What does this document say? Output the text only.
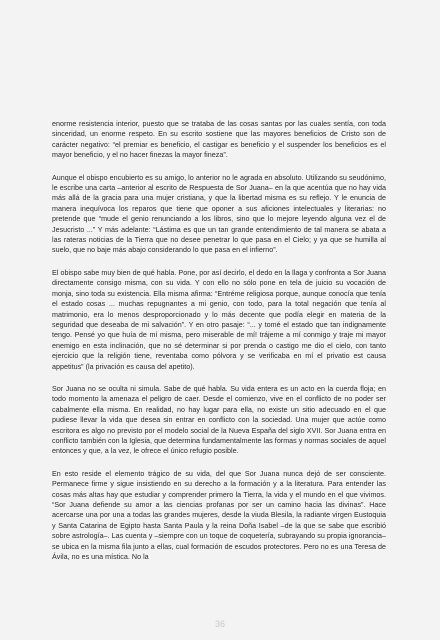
enorme resistencia interior, puesto que se trataba de las cosas santas por las cuales sentía, con toda sinceridad, un enorme respeto. En su escrito sostiene que las mayores beneficios de Cristo son de carácter negativo: “el premiar es beneficio, el castigar es beneficio y el suspender los beneficios es el mayor beneficio, y el no hacer finezas la mayor fineza”.

Aunque el obispo encubierto es su amigo, lo anterior no le agrada en absoluto. Utilizando su seudónimo, le escribe una carta –anterior al escrito de Respuesta de Sor Juana– en la que acentúa que no hay vida más allá de la gracia para una mujer cristiana, y que la libertad misma es su reflejo. Y le enuncia de manera inequívoca los reparos que tiene que oponer a sus aficiones intelectuales y literarias: no pretende que “mude el genio renunciando a los libros, sino que lo mejore leyendo alguna vez el de Jesucristo ...” Y más adelante: “Lástima es que un tan grande entendimiento de tal manera se abata a las rateras noticias de la Tierra que no desee penetrar lo que pasa en el Cielo; y ya que se humilla al suelo, que no baje más abajo considerando lo que pasa en el infierno”.

El obispo sabe muy bien de qué habla. Pone, por así decirlo, el dedo en la llaga y confronta a Sor Juana directamente consigo misma, con su vida. Y con ello no sólo pone en tela de juicio su vocación de monja, sino toda su existencia. Ella misma afirma: “Entréme religiosa porque, aunque conocía que tenía el estado cosas ... muchas repugnantes a mi genio, con todo, para la total negación que tenía al matrimonio, era lo menos desproporcionado y lo más decente que podía elegir en materia de la seguridad que deseaba de mi salvación”. Y en otro pasaje: “... y tomé el estado que tan indignamente tengo. Pensé yo que huía de mí misma, pero miserable de mí! trájeme a mí conmigo y traje mi mayor enemigo en esta inclinación, que no sé determinar si por prenda o castigo me dio el cielo, con tanto ejercicio que la religión tiene, reventaba como pólvora y se verificaba en mí el privatio est causa appetitus” (la privación es causa del apetito).

Sor Juana no se oculta ni simula. Sabe de qué habla. Su vida entera es un acto en la cuerda floja; en todo momento la amenaza el peligro de caer. Desde el comienzo, vive en el conflicto de no poder ser cabalmente ella misma. En realidad, no hay lugar para ella, no existe un sitio adecuado en el que pudiese llevar la vida que desea sin entrar en conflicto con la sociedad. Una mujer que actúe como escritora es algo no previsto por el modelo social de la Nueva España del siglo XVII. Sor Juana entra en conflicto también con la Iglesia, que determina fundamentalmente las formas y normas sociales de aquel entonces y que, a la vez, le ofrece el único refugio posible.

En esto reside el elemento trágico de su vida, del que Sor Juana nunca dejó de ser consciente. Permanece firme y sigue insistiendo en su derecho a la formación y a la literatura. Para entender las cosas más altas hay que estudiar y comprender primero la Tierra, la vida y el mundo en el que vivimos. “Sor Juana defiende su amor a las ciencias profanas por ser un camino hacia las divinas”. Hace acercarse una por una a todas las grandes mujeres, desde la viuda Blesila, la radiante virgen Eustoquia y Santa Catarina de Egipto hasta Santa Paula y la reina Doña Isabel –de la que se sabe que escribió sobre astrología–. Las cuenta y –siempre con un toque de coquetería, subrayando su propia ignorancia– se ubica en la misma fila junto a ellas, cual formación de escudos protectores. Pero no es una Teresa de Ávila, no es una mística. No la

36
